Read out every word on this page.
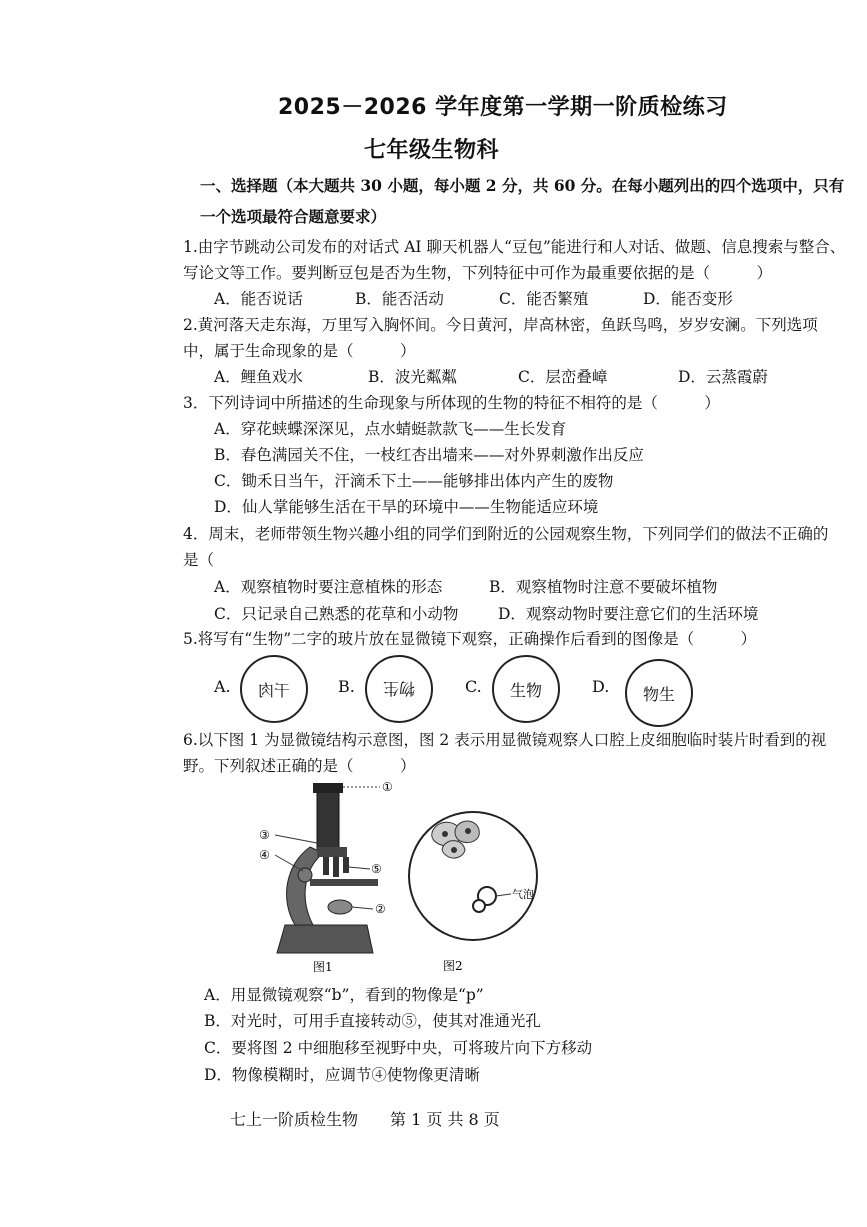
2025－2026 学年度第一学期一阶质检练习
七年级生物科
一、选择题（本大题共 30 小题，每小题 2 分，共 60 分。在每小题列出的四个选项中，只有
一个选项最符合题意要求）
1.由字节跳动公司发布的对话式 AI 聊天机器人“豆包”能进行和人对话、做题、信息搜索与整合、
写论文等工作。要判断豆包是否为生物，下列特征中可作为最重要依据的是（　　　）
A．能否说话	B．能否活动	C．能否繁殖	D．能否变形
2.黄河落天走东海，万里写入胸怀间。今日黄河，岸高林密，鱼跃鸟鸣，岁岁安澜。下列选项
中，属于生命现象的是（　　　）
A．鲤鱼戏水	B．波光粼粼	C．层峦叠嶂	D．云蒸霞蔚
3．下列诗词中所描述的生命现象与所体现的生物的特征不相符的是（　　　）
A．穿花蛱蝶深深见，点水蜻蜓款款飞——生长发育
B．春色满园关不住，一枝红杏出墙来——对外界刺激作出反应
C．锄禾日当午，汗滴禾下土——能够排出体内产生的废物
D．仙人掌能够生活在干旱的环境中——生物能适应环境
4．周末，老师带领生物兴趣小组的同学们到附近的公园观察生物，下列同学们的做法不正确的
是（
A．观察植物时要注意植株的形态	B．观察植物时注意不要破坏植物
C．只记录自己熟悉的花草和小动物	D．观察动物时要注意它们的生活环境
5.将写有“生物”二字的玻片放在显微镜下观察，正确操作后看到的图像是（　　　）
A. 干肉	B. 物生	C. 生物	D. 物生
6.以下图 1 为显微镜结构示意图，图 2 表示用显微镜观察人口腔上皮细胞临时装片时看到的视
野。下列叙述正确的是（　　　）
①
②
③
④
⑤
图1
气泡
图2
A．用显微镜观察“b”，看到的物像是“p”
B．对光时，可用手直接转动⑤，使其对准通光孔
C．要将图 2 中细胞移至视野中央，可将玻片向下方移动
D．物像模糊时，应调节④使物像更清晰
七上一阶质检生物　　第 1 页 共 8 页
